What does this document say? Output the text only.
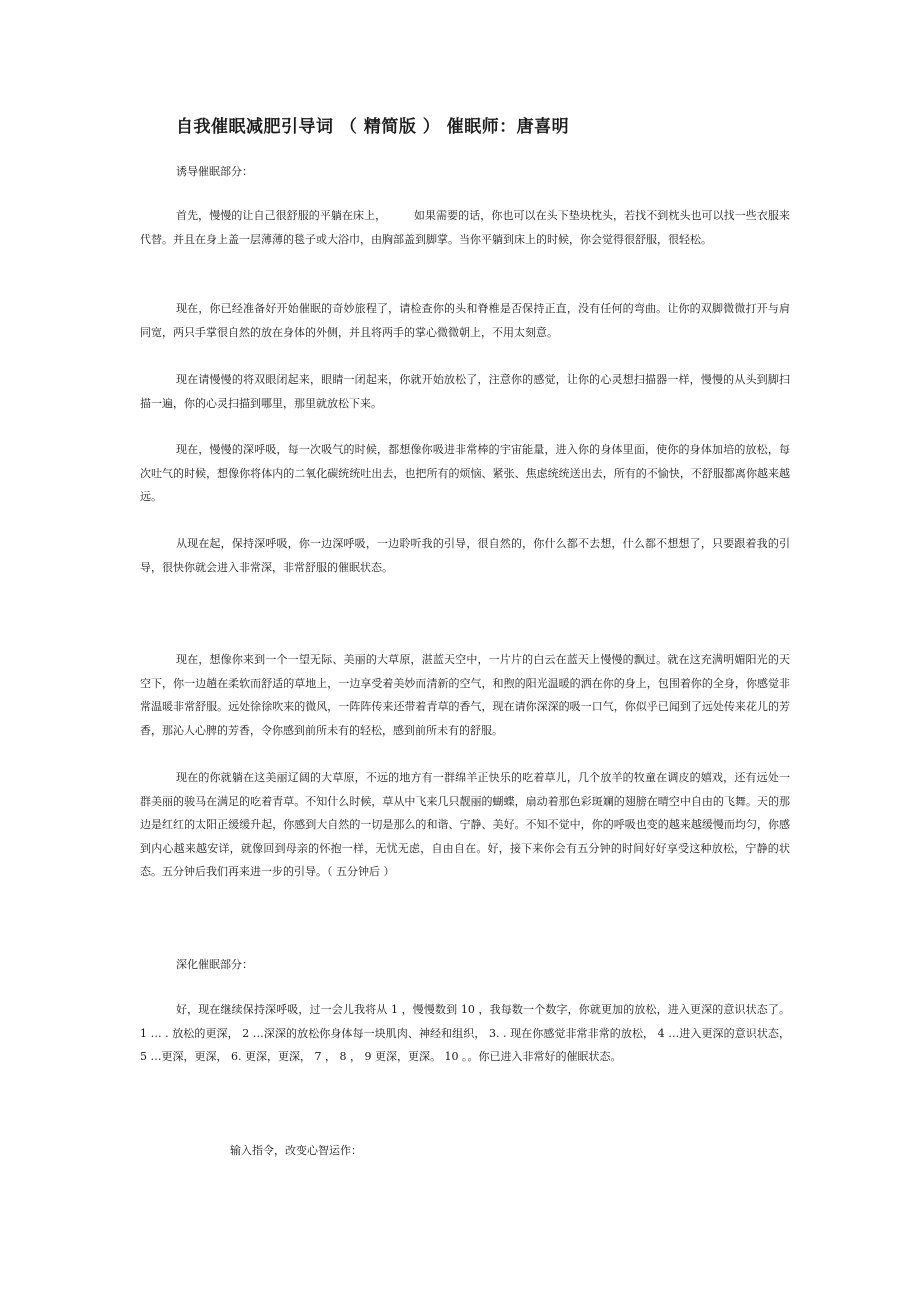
自我催眠减肥引导词 （ 精简版 ） 催眠师：唐喜明

诱导催眠部分：

首先，慢慢的让自己很舒服的平躺在床上，　　　如果需要的话，你也可以在头下垫块枕头，若找不到枕头也可以找一些衣服来代替。并且在身上盖一层薄薄的毯子或大浴巾，由胸部盖到脚掌。当你平躺到床上的时候，你会觉得很舒服，很轻松。

现在，你已经准备好开始催眠的奇妙旅程了，请检查你的头和脊椎是否保持正直，没有任何的弯曲。让你的双脚微微打开与肩同宽，两只手掌很自然的放在身体的外侧，并且将两手的掌心微微朝上，不用太刻意。

现在请慢慢的将双眼闭起来，眼睛一闭起来，你就开始放松了，注意你的感觉，让你的心灵想扫描器一样，慢慢的从头到脚扫描一遍，你的心灵扫描到哪里，那里就放松下来。

现在，慢慢的深呼吸，每一次吸气的时候，都想像你吸进非常棒的宇宙能量，进入你的身体里面，使你的身体加培的放松，每次吐气的时候，想像你将体内的二氧化碳统统吐出去，也把所有的烦恼、紧张、焦虑统统送出去，所有的不愉快，不舒服都离你越来越远。

从现在起，保持深呼吸，你一边深呼吸，一边聆听我的引导，很自然的，你什么都不去想，什么都不想想了，只要跟着我的引导，很快你就会进入非常深，非常舒服的催眠状态。

现在，想像你来到一个一望无际、美丽的大草原，湛蓝天空中，一片片的白云在蓝天上慢慢的飘过。就在这充满明媚阳光的天空下，你一边趟在柔软而舒适的草地上，一边享受着美妙而清新的空气，和煦的阳光温暖的洒在你的身上，包围着你的全身，你感觉非常温暖非常舒服。远处徐徐吹来的微风，一阵阵传来还带着青草的香气，现在请你深深的吸一口气，你似乎已闻到了远处传来花儿的芳香，那沁人心脾的芳香，令你感到前所未有的轻松，感到前所未有的舒服。

现在的你就躺在这美丽辽阔的大草原，不远的地方有一群绵羊正快乐的吃着草儿，几个放羊的牧童在调皮的嬉戏，还有远处一群美丽的骏马在满足的吃着青草。不知什么时候，草从中飞来几只靓丽的蝴蝶，扇动着那色彩斑斓的翅膀在晴空中自由的飞舞。天的那边是红红的太阳正缓缓升起，你感到大自然的一切是那么的和谐、宁静、美好。不知不觉中，你的呼吸也变的越来越缓慢而均匀，你感到内心越来越安详，就像回到母亲的怀抱一样，无忧无虑，自由自在。好，接下来你会有五分钟的时间好好享受这种放松，宁静的状态。五分钟后我们再来进一步的引导。（ 五分钟后 ）

深化催眠部分：

好，现在继续保持深呼吸，过一会儿我将从 1 ，慢慢数到 10 ，我每数一个数字，你就更加的放松，进入更深的意识状态了。 1 … . 放松的更深， 2 …深深的放松你身体每一块肌肉、神经和组织， 3. . 现在你感觉非常非常的放松， 4 …进入更深的意识状态， 5 …更深，更深， 6. 更深，更深， 7 ， 8 ， 9 更深，更深。 10 。。你已进入非常好的催眠状态。

输入指令，改变心智运作：
